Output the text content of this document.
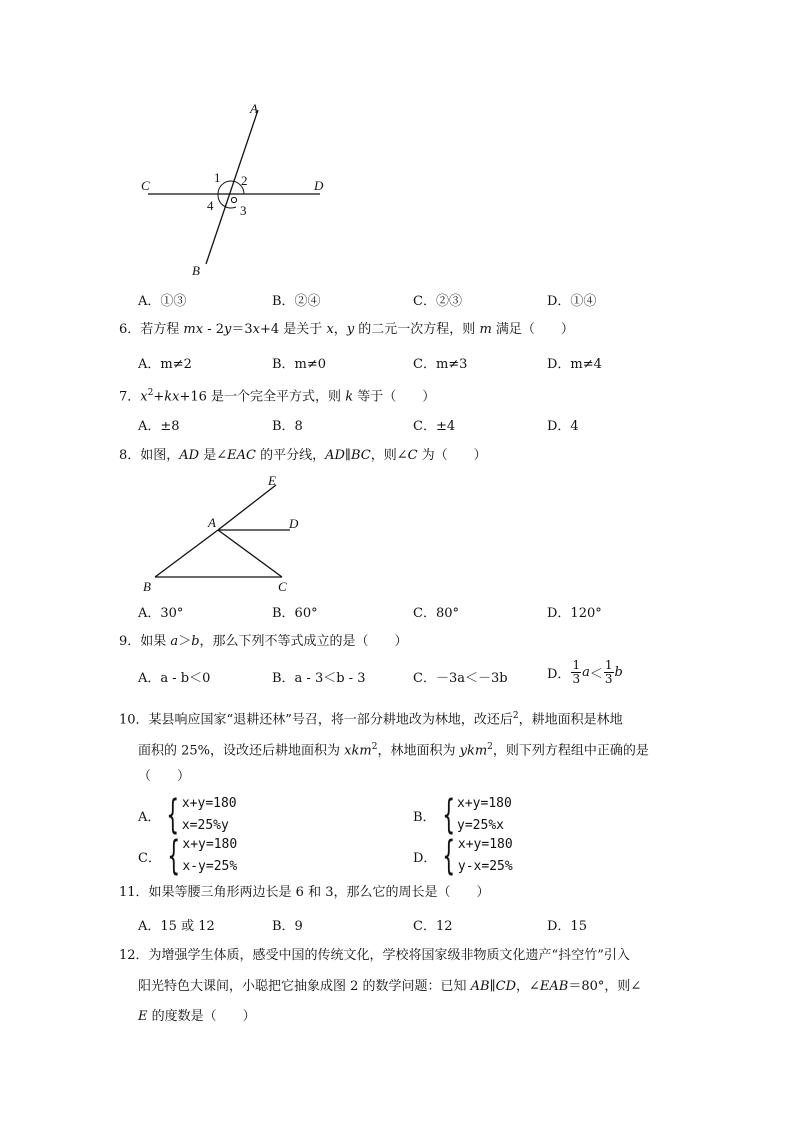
A
B
C	D
1 2
3
4
A．①③	B．②④	C．②③	D．①④
6．若方程 mx - 2y＝3x+4 是关于 x，y 的二元一次方程，则 m 满足（　　）
A．m≠2	B．m≠0	C．m≠3	D．m≠4
7．$x^2+kx+16$ 是一个完全平方式，则 k 等于（　　）
A．±8	B．8	C．±4	D．4
8．如图，AD 是∠EAC 的平分线，AD∥BC，则∠C 为（　　）
E
A	D
B	C
A．30°	B．60°	C．80°	D．120°
9．如果 a＞b，那么下列不等式成立的是（　　）
A．a - b＜0	B．a - 3＜b - 3	C．－3a＜－3b	D． $\frac{1}{3}$ $a < \frac{1}{3}$ b
10．某县响应国家“退耕还林”号召，将一部分耕地改为林地，改还后$^2$，耕地面积是林地
面积的 25%，设改还后耕地面积为 xkm$^2$，林地面积为 ykm$^2$，则下列方程组中正确的是
（　　）
A． { x+y=180
x=25%y
B． { x+y=180
y=25%x
C． { x+y=180
x-y=25%
D． { x+y=180
y-x=25%
11．如果等腰三角形两边长是 6 和 3，那么它的周长是（　　）
A．15 或 12	B．9	C．12	D．15
12．为增强学生体质，感受中国的传统文化，学校将国家级非物质文化遗产“抖空竹”引入
阳光特色大课间，小聪把它抽象成图 2 的数学问题：已知 AB∥CD，∠EAB＝80°，则∠
E 的度数是（　　）
